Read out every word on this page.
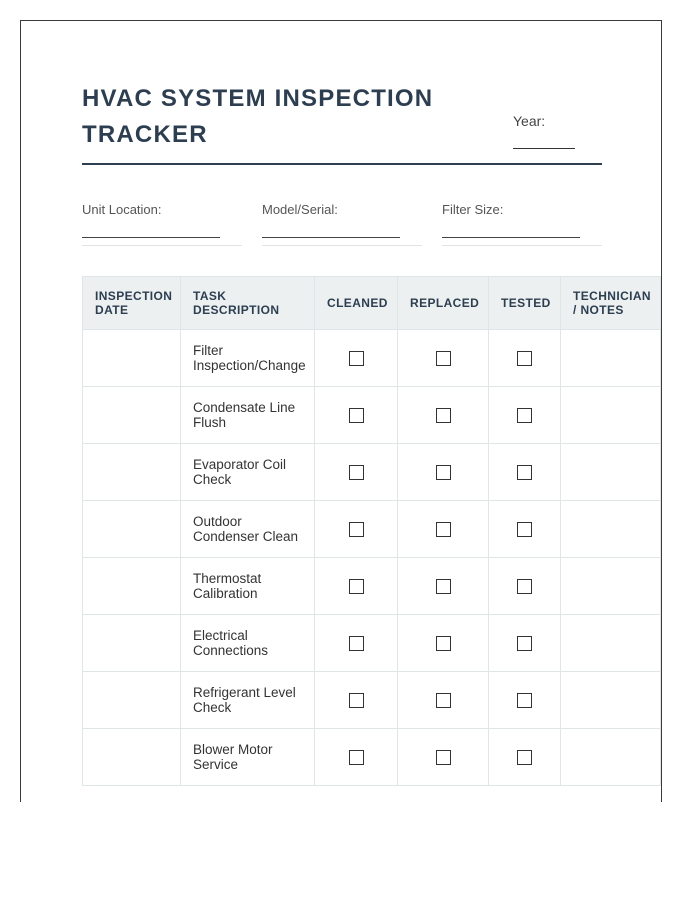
HVAC SYSTEM INSPECTION TRACKER	Year:
Unit Location:	Model/Serial:	Filter Size:
INSPECTION DATE	TASK DESCRIPTION	CLEANED	REPLACED	TESTED	TECHNICIAN / NOTES
	Filter Inspection/Change				
	Condensate Line Flush				
	Evaporator Coil Check				
	Outdoor Condenser Clean				
	Thermostat Calibration				
	Electrical Connections				
	Refrigerant Level Check				
	Blower Motor Service				
